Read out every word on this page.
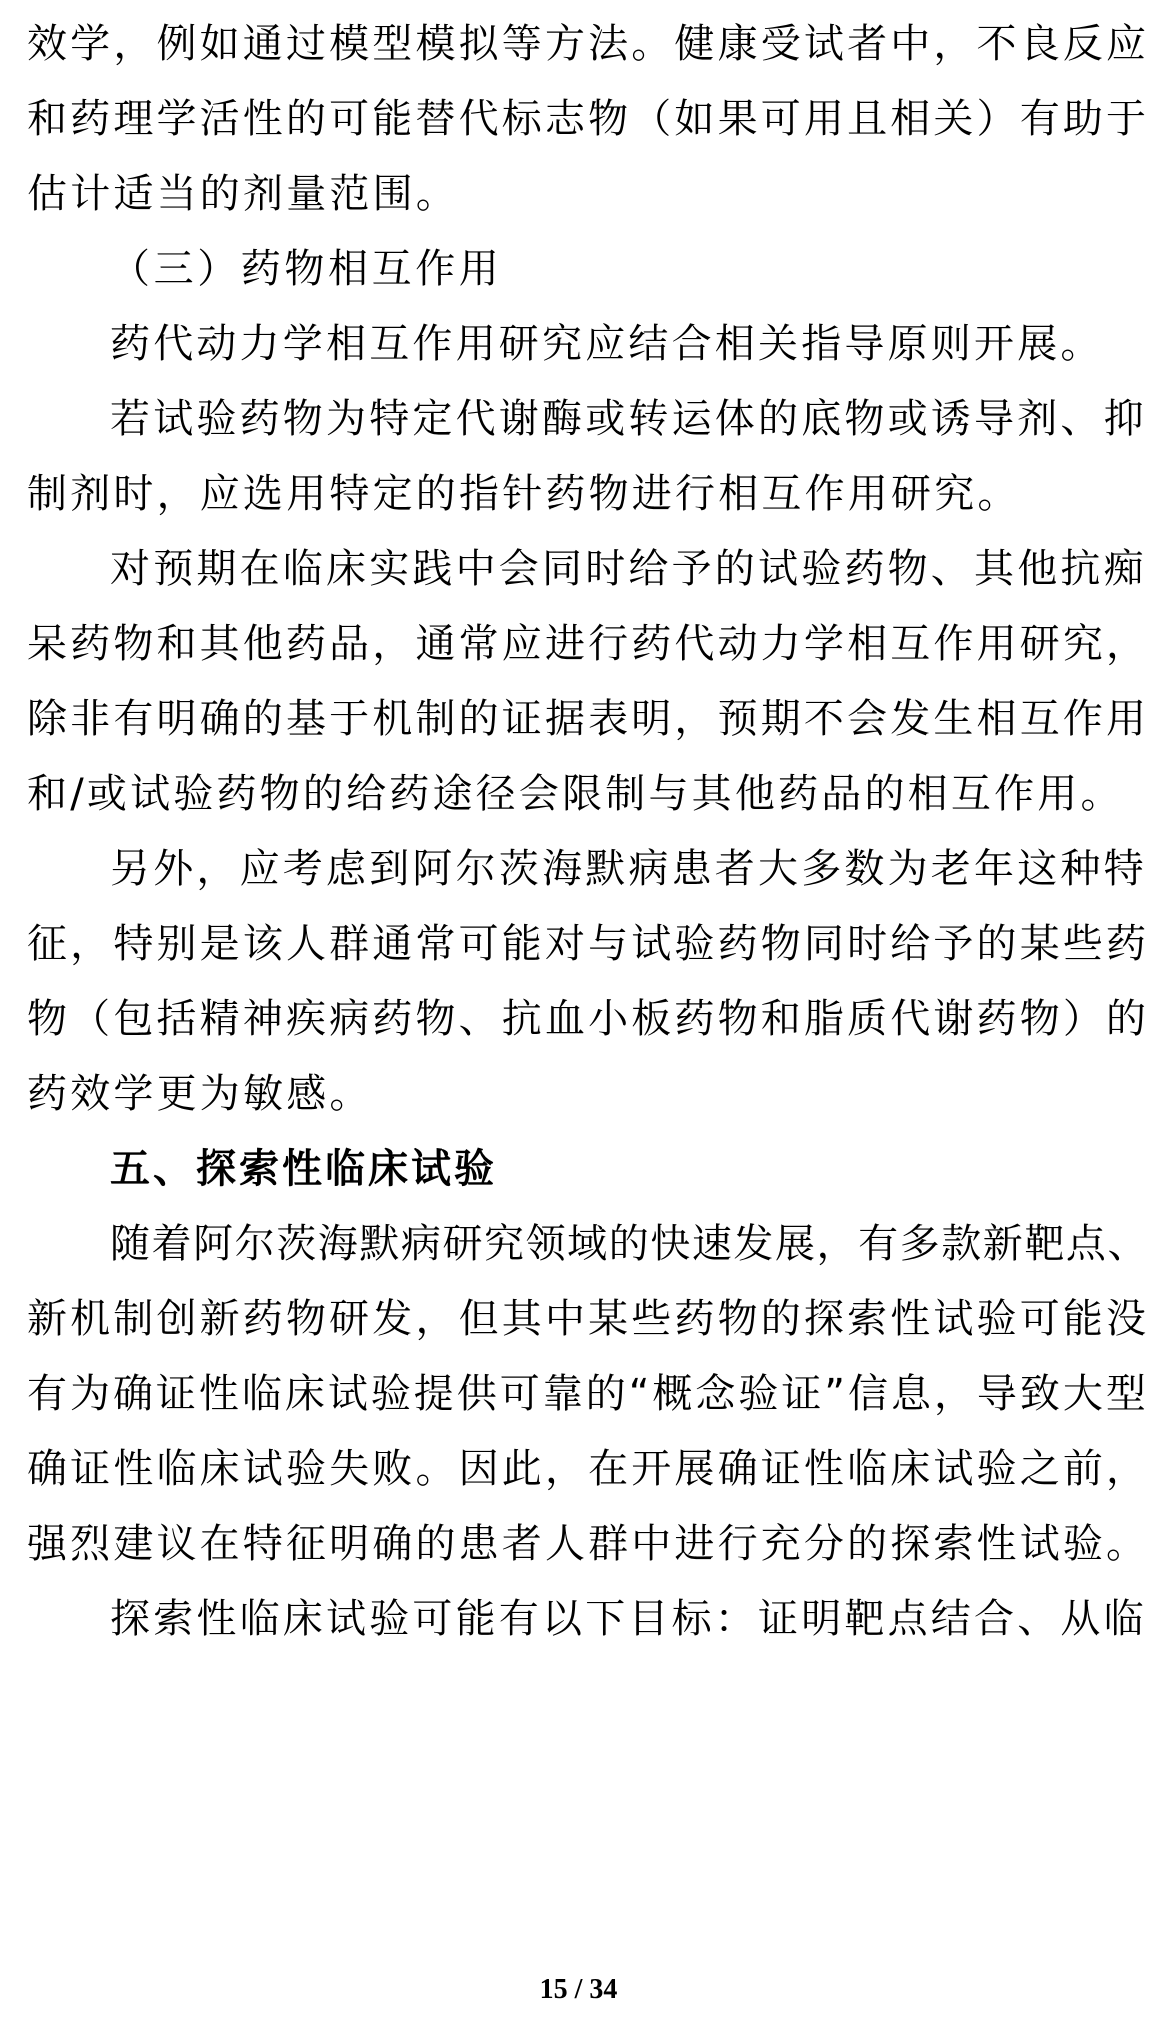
效学，例如通过模型模拟等方法。健康受试者中，不良反应
和药理学活性的可能替代标志物（如果可用且相关）有助于
估计适当的剂量范围。
（三）药物相互作用
药代动力学相互作用研究应结合相关指导原则开展。
若试验药物为特定代谢酶或转运体的底物或诱导剂、抑
制剂时，应选用特定的指针药物进行相互作用研究。
对预期在临床实践中会同时给予的试验药物、其他抗痴
呆药物和其他药品，通常应进行药代动力学相互作用研究，
除非有明确的基于机制的证据表明，预期不会发生相互作用
和/或试验药物的给药途径会限制与其他药品的相互作用。
另外，应考虑到阿尔茨海默病患者大多数为老年这种特
征，特别是该人群通常可能对与试验药物同时给予的某些药
物（包括精神疾病药物、抗血小板药物和脂质代谢药物）的
药效学更为敏感。
五、探索性临床试验
随着阿尔茨海默病研究领域的快速发展，有多款新靶点、
新机制创新药物研发，但其中某些药物的探索性试验可能没
有为确证性临床试验提供可靠的“概念验证”信息，导致大型
确证性临床试验失败。因此，在开展确证性临床试验之前，
强烈建议在特征明确的患者人群中进行充分的探索性试验。
探索性临床试验可能有以下目标：证明靶点结合、从临
15 / 34
